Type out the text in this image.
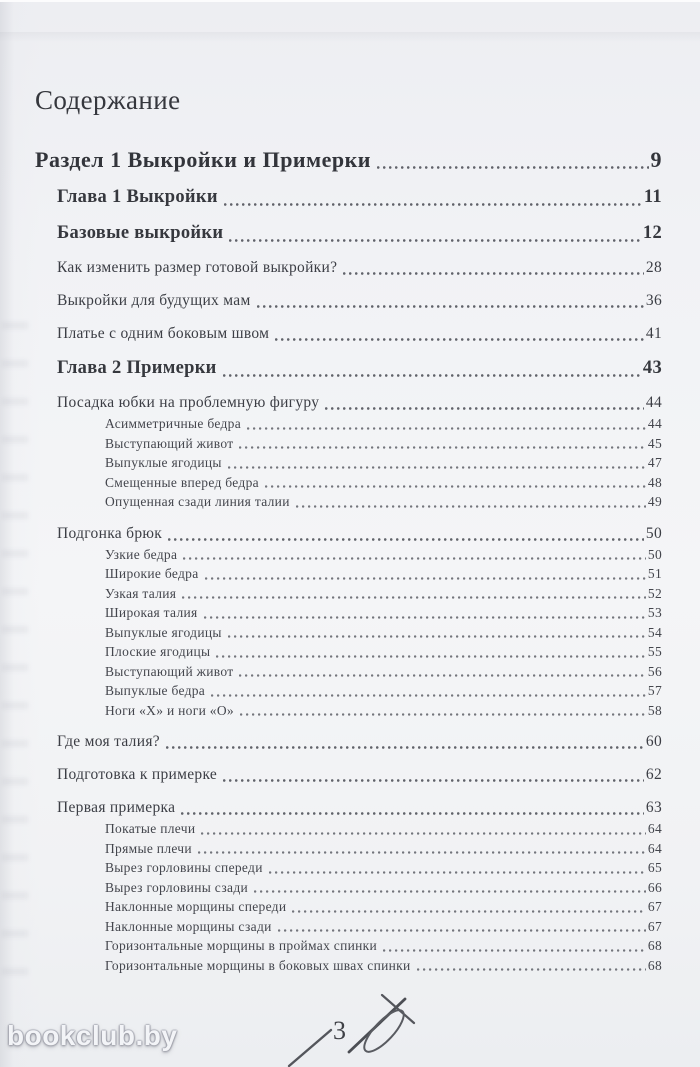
Содержание
Раздел 1 Выкройки и Примерки	9
Глава 1 Выкройки	11
Базовые выкройки	12
Как изменить размер готовой выкройки?	28
Выкройки для будущих мам	36
Платье с одним боковым швом	41
Глава 2 Примерки	43
Посадка юбки на проблемную фигуру	44
Асимметричные бедра	44
Выступающий живот	45
Выпуклые ягодицы	47
Смещенные вперед бедра	48
Опущенная сзади линия талии	49
Подгонка брюк	50
Узкие бедра	50
Широкие бедра	51
Узкая талия	52
Широкая талия	53
Выпуклые ягодицы	54
Плоские ягодицы	55
Выступающий живот	56
Выпуклые бедра	57
Ноги «Х» и ноги «О»	58
Где моя талия?	60
Подготовка к примерке	62
Первая примерка	63
Покатые плечи	64
Прямые плечи	64
Вырез горловины спереди	65
Вырез горловины сзади	66
Наклонные морщины спереди	67
Наклонные морщины сзади	67
Горизонтальные морщины в проймах спинки	68
Горизонтальные морщины в боковых швах спинки	68
3
bookclub.by
